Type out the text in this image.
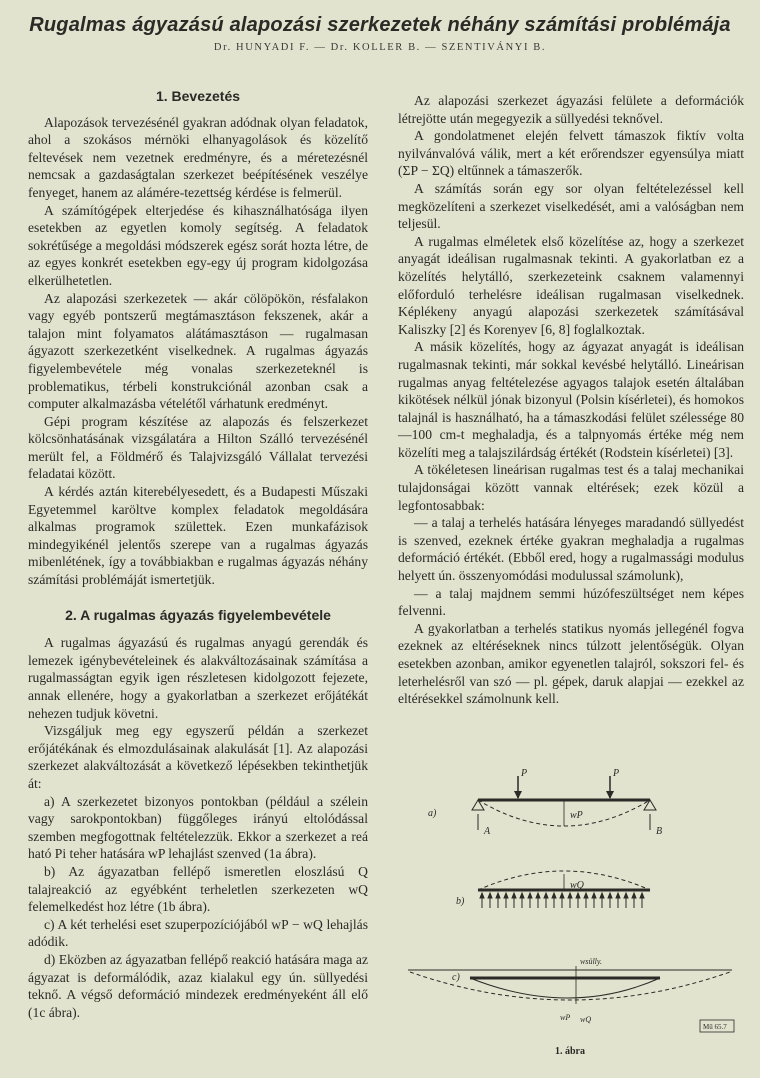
Rugalmas ágyazású alapozási szerkezetek néhány számítási problémája
Dr. HUNYADI F. — Dr. KOLLER B. — SZENTIVÁNYI B.
1. Bevezetés

Alapozások tervezésénél gyakran adódnak olyan feladatok, ahol a szokásos mérnöki elhanyagolások és közelítő feltevések nem vezetnek eredményre, és a méretezésnél nemcsak a gazdaságtalan szerkezet beépítésének veszélye fenyeget, hanem az alámére-tezettség kérdése is felmerül.

A számítógépek elterjedése és kihasználhatósága ilyen esetekben az egyetlen komoly segítség. A feladatok sokrétűsége a megoldási módszerek egész sorát hozta létre, de az egyes konkrét esetekben egy-egy új program kidolgozása elkerülhetetlen.

Az alapozási szerkezetek — akár cölöpökön, résfalakon vagy egyéb pontszerű megtámasztáson fekszenek, akár a talajon mint folyamatos alátámasztáson — rugalmasan ágyazott szerkezetként viselkednek. A rugalmas ágyazás figyelembevétele még vonalas szerkezeteknél is problematikus, térbeli konstrukciónál azonban csak a computer alkalmazásba vételétől várhatunk eredményt.

Gépi program készítése az alapozás és felszerkezet kölcsönhatásának vizsgálatára a Hilton Szálló tervezésénél merült fel, a Földmérő és Talajvizsgáló Vállalat tervezési feladatai között.

A kérdés aztán kiterebélyesedett, és a Budapesti Műszaki Egyetemmel karöltve komplex feladatok megoldására alkalmas programok születtek. Ezen munkafázisok mindegyikénél jelentős szerepe van a rugalmas ágyazás mibenlétének, így a továbbiakban e rugalmas ágyazás néhány számítási problémáját ismertetjük.

2. A rugalmas ágyazás figyelembevétele

A rugalmas ágyazású és rugalmas anyagú gerendák és lemezek igénybevételeinek és alakváltozásainak számítása a rugalmasságtan egyik igen részletesen kidolgozott fejezete, annak ellenére, hogy a gyakorlatban a szerkezet erőjátékát nehezen tudjuk követni.

Vizsgáljuk meg egy egyszerű példán a szerkezet erőjátékának és elmozdulásainak alakulását [1]. Az alapozási szerkezet alakváltozását a következő lépésekben tekinthetjük át:

a) A szerkezetet bizonyos pontokban (például a szélein vagy sarokpontokban) függőleges irányú eltolódással szemben megfogottnak feltételezzük. Ekkor a szerkezet a reá ható Pi teher hatására wP lehajlást szenved (1a ábra).

b) Az ágyazatban fellépő ismeretlen eloszlású Q talajreakció az egyébként terheletlen szerkezeten wQ felemelkedést hoz létre (1b ábra).

c) A két terhelési eset szuperpozíciójából wP − wQ lehajlás adódik.

d) Eközben az ágyazatban fellépő reakció hatására maga az ágyazat is deformálódik, azaz kialakul egy ún. süllyedési teknő. A végső deformáció mindezek eredményeként áll elő (1c ábra).

Az alapozási szerkezet ágyazási felülete a deformációk létrejötte után megegyezik a süllyedési teknővel.

A gondolatmenet elején felvett támaszok fiktív volta nyilvánvalóvá válik, mert a két erőrendszer egyensúlya miatt (ΣP − ΣQ) eltűnnek a támaszerők.

A számítás során egy sor olyan feltételezéssel kell megközelíteni a szerkezet viselkedését, ami a valóságban nem teljesül.

A rugalmas elméletek első közelítése az, hogy a szerkezet anyagát ideálisan rugalmasnak tekinti. A gyakorlatban ez a közelítés helytálló, szerkezeteink csaknem valamennyi előforduló terhelésre ideálisan rugalmasan viselkednek. Képlékeny anyagú alapozási szerkezetek számításával Kaliszky [2] és Korenyev [6, 8] foglalkoztak.

A másik közelítés, hogy az ágyazat anyagát is ideálisan rugalmasnak tekinti, már sokkal kevésbé helytálló. Lineárisan rugalmas anyag feltételezése agyagos talajok esetén általában kikötések nélkül jónak bizonyul (Polsin kísérletei), és homokos talajnál is használható, ha a támaszkodási felület szélessége 80—100 cm-t meghaladja, és a talpnyomás értéke még nem közelíti meg a talajszilárdság értékét (Rodstein kísérletei) [3].

A tökéletesen lineárisan rugalmas test és a talaj mechanikai tulajdonságai között vannak eltérések; ezek közül a legfontosabbak:

— a talaj a terhelés hatására lényeges maradandó süllyedést is szenved, ezeknek értéke gyakran meghaladja a rugalmas deformáció értékét. (Ebből ered, hogy a rugalmassági modulus helyett ún. összenyomódási modulussal számolunk),

— a talaj majdnem semmi húzófeszültséget nem képes felvenni.

A gyakorlatban a terhelés statikus nyomás jellegénél fogva ezeknek az eltéréseknek nincs túlzott jelentőségük. Olyan esetekben azonban, amikor egyenetlen talajról, sokszori fel- és leterhelésről van szó — pl. gépek, daruk alapjai — ezekkel az eltérésekkel számolnunk kell.

a)
P	P
wP
A	B
b)
wQ
c)
wsülly.
wP wQ
Mű 65.7
1. ábra
